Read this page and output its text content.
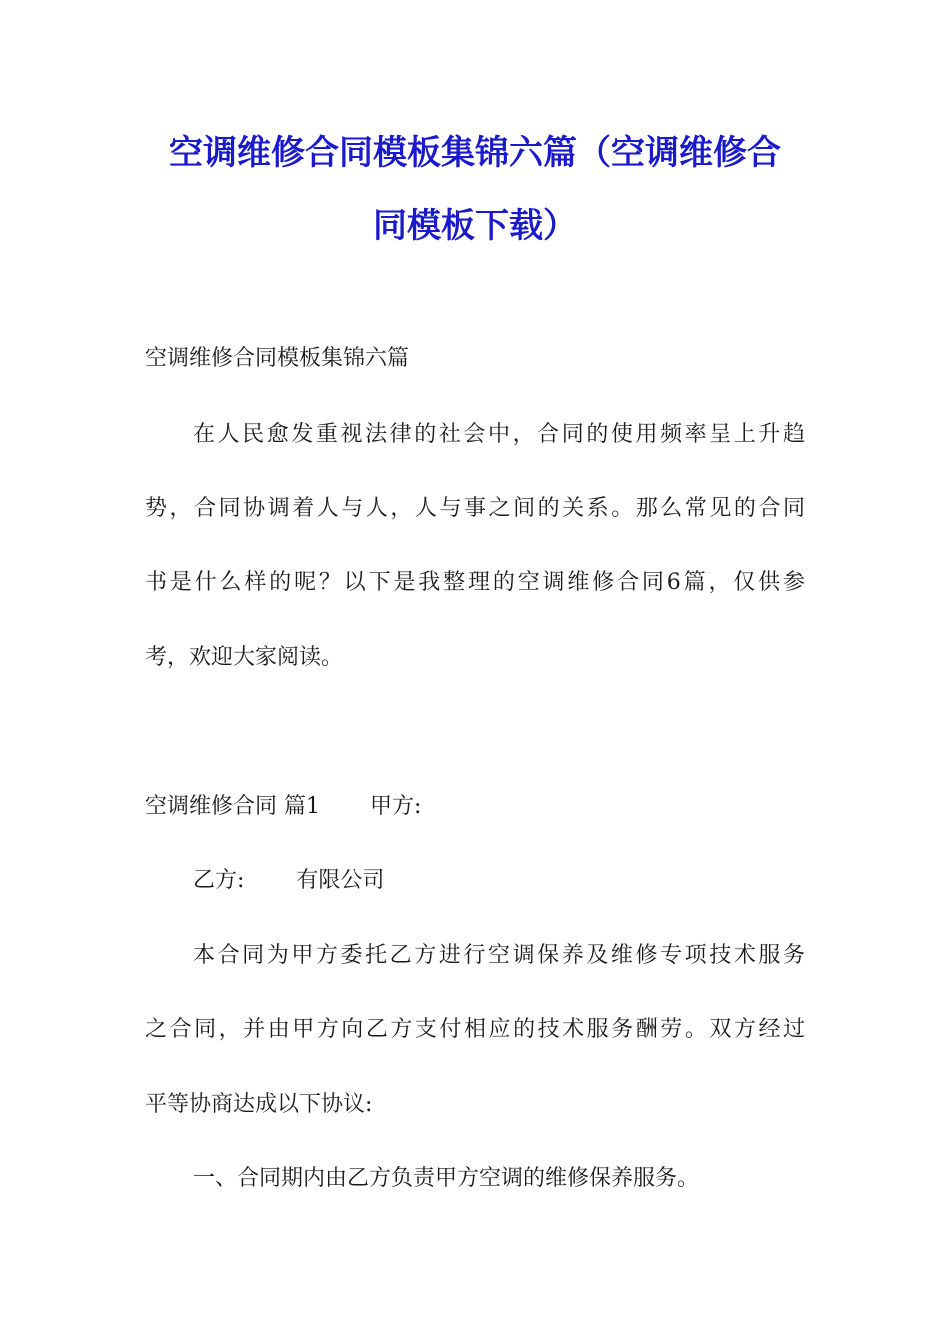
空调维修合同模板集锦六篇（空调维修合
同模板下载）

空调维修合同模板集锦六篇

在人民愈发重视法律的社会中，合同的使用频率呈上升趋

势，合同协调着人与人，人与事之间的关系。那么常见的合同

书是什么样的呢？以下是我整理的空调维修合同6篇，仅供参

考，欢迎大家阅读。

空调维修合同 篇1 甲方:

乙方: 有限公司

本合同为甲方委托乙方进行空调保养及维修专项技术服务

之合同，并由甲方向乙方支付相应的技术服务酬劳。双方经过

平等协商达成以下协议:

一、合同期内由乙方负责甲方空调的维修保养服务。
